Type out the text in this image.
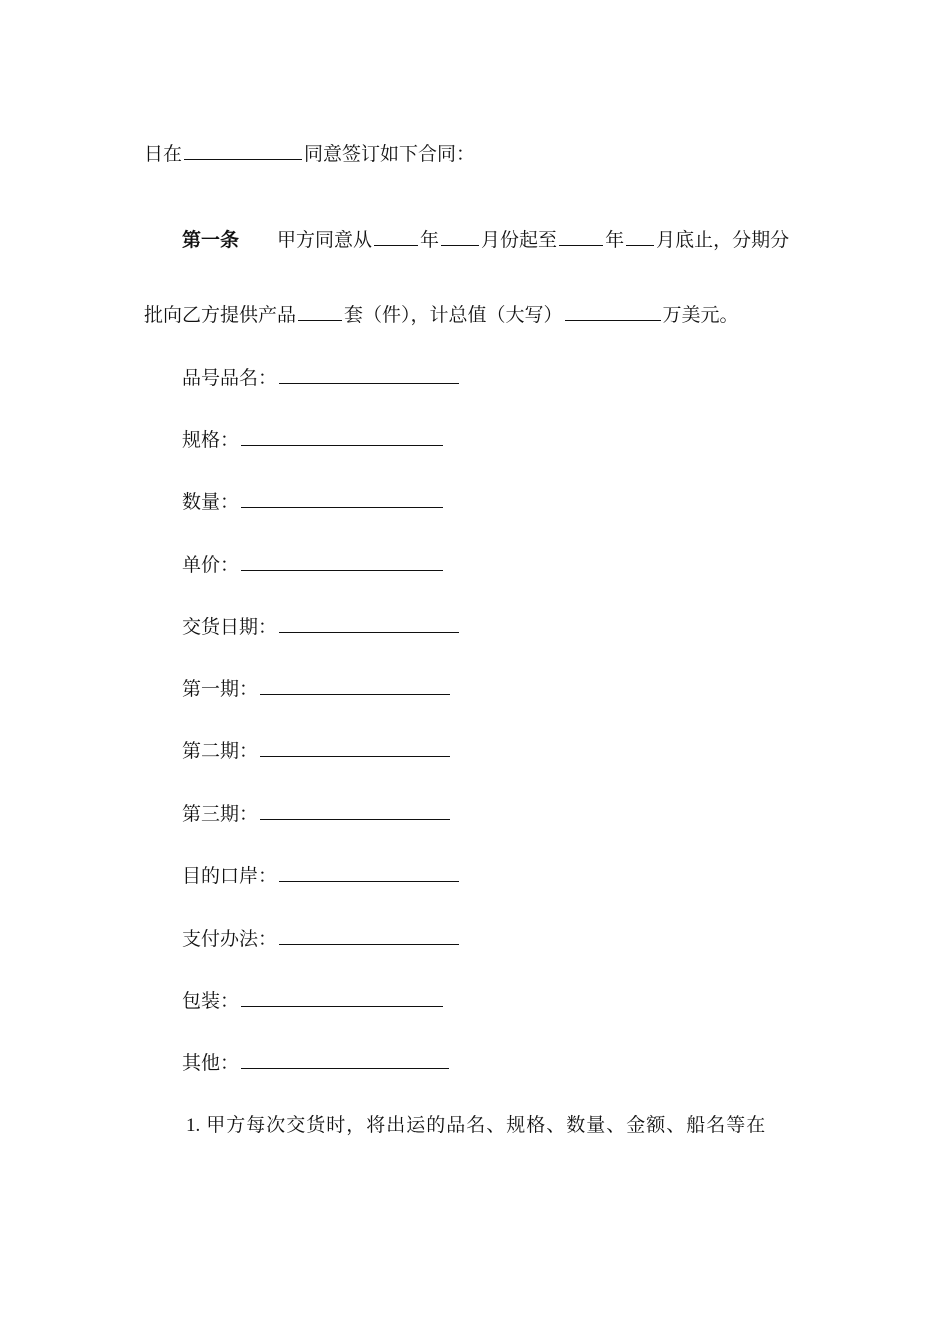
日在	同意签订如下合同：
第一条 甲方同意从	年 月份起至	年 月底止，分期分
批向乙方提供产品	套（件），计总值（大写）	万美元。
品号品名：
规格：
数量：
单价：
交货日期：
第一期：
第二期：
第三期：
目的口岸：
支付办法：
包装：
其他：
1. 甲方每次交货时，将出运的品名、规格、数量、金额、船名等在
